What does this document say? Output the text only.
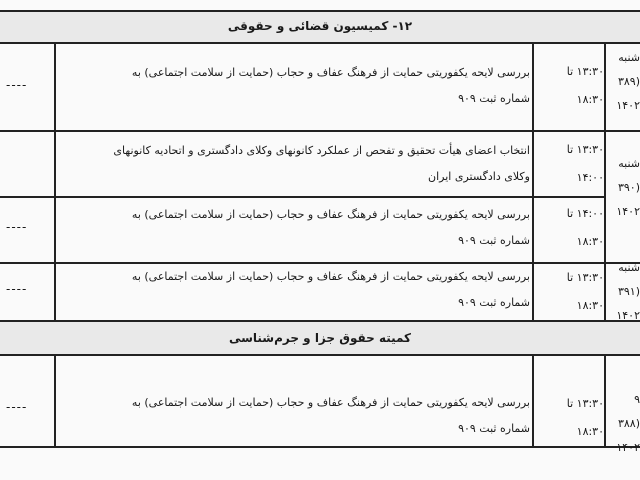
۱۲- کمیسیون قضائی و حقوقی
کمیته حقوق جزا و جرم‌شناسی
----
بررسی لایحه یکفوریتی حمایت از فرهنگ عفاف و حجاب (حمایت از سلامت اجتماعی) به
شماره ثبت ۹۰۹
۱۳:۳۰ تا
۱۸:۳۰
شنبه
(۳۸۹
۱۴۰۲
انتخاب اعضای هیأت تحقیق و تفحص از عملکرد کانونهای وکلای دادگستری و اتحادیه کانونهای
وکلای دادگستری ایران
۱۳:۳۰ تا
۱۴:۰۰
شنبه
(۳۹۰
۱۴۰۲
----
بررسی لایحه یکفوریتی حمایت از فرهنگ عفاف و حجاب (حمایت از سلامت اجتماعی) به
شماره ثبت ۹۰۹
۱۴:۰۰ تا
۱۸:۳۰
----
بررسی لایحه یکفوریتی حمایت از فرهنگ عفاف و حجاب (حمایت از سلامت اجتماعی) به
شماره ثبت ۹۰۹
۱۳:۳۰ تا
۱۸:۳۰
شنبه
(۳۹۱
۱۴۰۲
----	بررسی لایحه یکفوریتی حمایت از فرهنگ عفاف و حجاب (حمایت از سلامت اجتماعی) به
شماره ثبت ۹۰۹
۱۳:۳۰ تا
۱۸:۳۰
۹
(۳۸۸
۱۴۰۲
